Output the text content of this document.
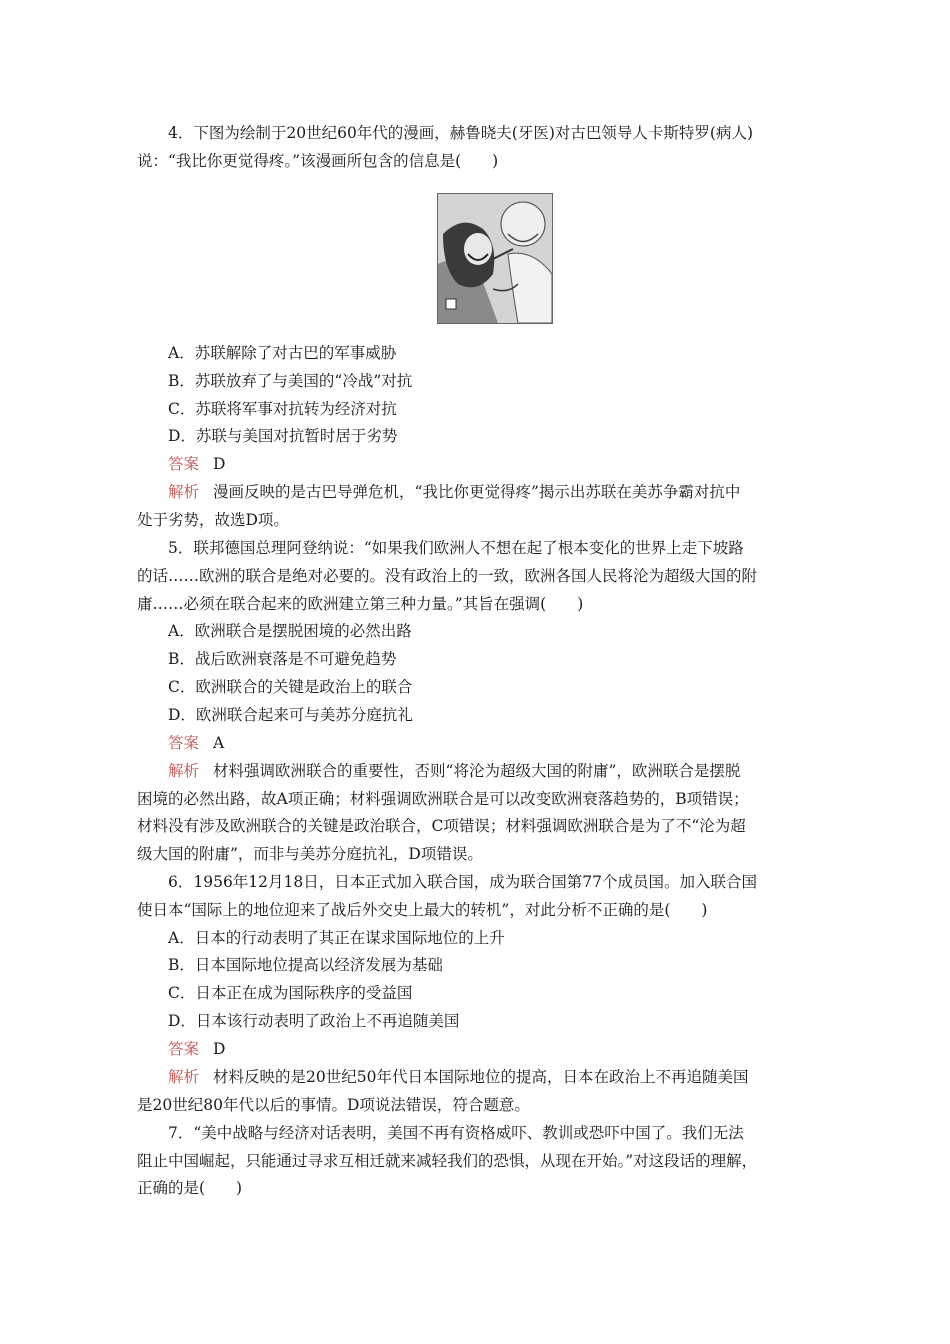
4．下图为绘制于20世纪60年代的漫画，赫鲁晓夫(牙医)对古巴领导人卡斯特罗(病人)
说：“我比你更觉得疼。”该漫画所包含的信息是(　　)
A．苏联解除了对古巴的军事威胁
B．苏联放弃了与美国的“冷战”对抗
C．苏联将军事对抗转为经济对抗
D．苏联与美国对抗暂时居于劣势
答案 D
解析 漫画反映的是古巴导弹危机，“我比你更觉得疼”揭示出苏联在美苏争霸对抗中
处于劣势，故选D项。
5．联邦德国总理阿登纳说：“如果我们欧洲人不想在起了根本变化的世界上走下坡路
的话……欧洲的联合是绝对必要的。没有政治上的一致，欧洲各国人民将沦为超级大国的附
庸……必须在联合起来的欧洲建立第三种力量。”其旨在强调(　　)
A．欧洲联合是摆脱困境的必然出路
B．战后欧洲衰落是不可避免趋势
C．欧洲联合的关键是政治上的联合
D．欧洲联合起来可与美苏分庭抗礼
答案 A
解析 材料强调欧洲联合的重要性，否则“将沦为超级大国的附庸”，欧洲联合是摆脱
困境的必然出路，故A项正确；材料强调欧洲联合是可以改变欧洲衰落趋势的，B项错误；
材料没有涉及欧洲联合的关键是政治联合，C项错误；材料强调欧洲联合是为了不“沦为超
级大国的附庸”，而非与美苏分庭抗礼，D项错误。
6．1956年12月18日，日本正式加入联合国，成为联合国第77个成员国。加入联合国
使日本“国际上的地位迎来了战后外交史上最大的转机”，对此分析不正确的是(　　)
A．日本的行动表明了其正在谋求国际地位的上升
B．日本国际地位提高以经济发展为基础
C．日本正在成为国际秩序的受益国
D．日本该行动表明了政治上不再追随美国
答案 D
解析 材料反映的是20世纪50年代日本国际地位的提高，日本在政治上不再追随美国
是20世纪80年代以后的事情。D项说法错误，符合题意。
7．“美中战略与经济对话表明，美国不再有资格威吓、教训或恐吓中国了。我们无法
阻止中国崛起，只能通过寻求互相迁就来减轻我们的恐惧，从现在开始。”对这段话的理解，
正确的是(　　)
